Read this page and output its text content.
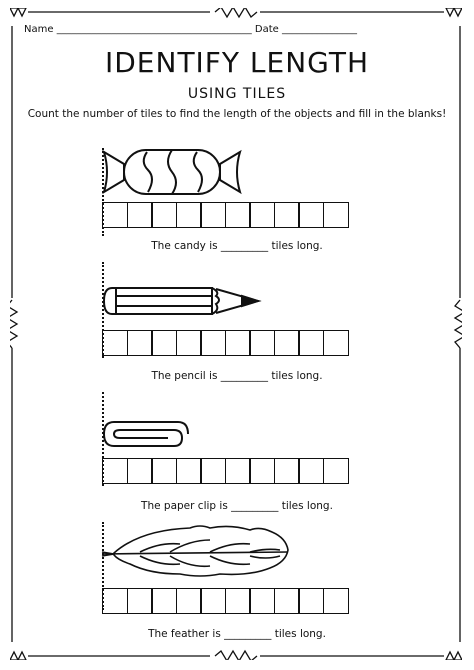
Name _______________________________________ Date _______________
IDENTIFY LENGTH
USING TILES
Count the number of tiles to find the length of the objects and fill in the blanks!
The candy is _________ tiles long.
The pencil is _________ tiles long.
The paper clip is _________ tiles long.
The feather is _________ tiles long.
